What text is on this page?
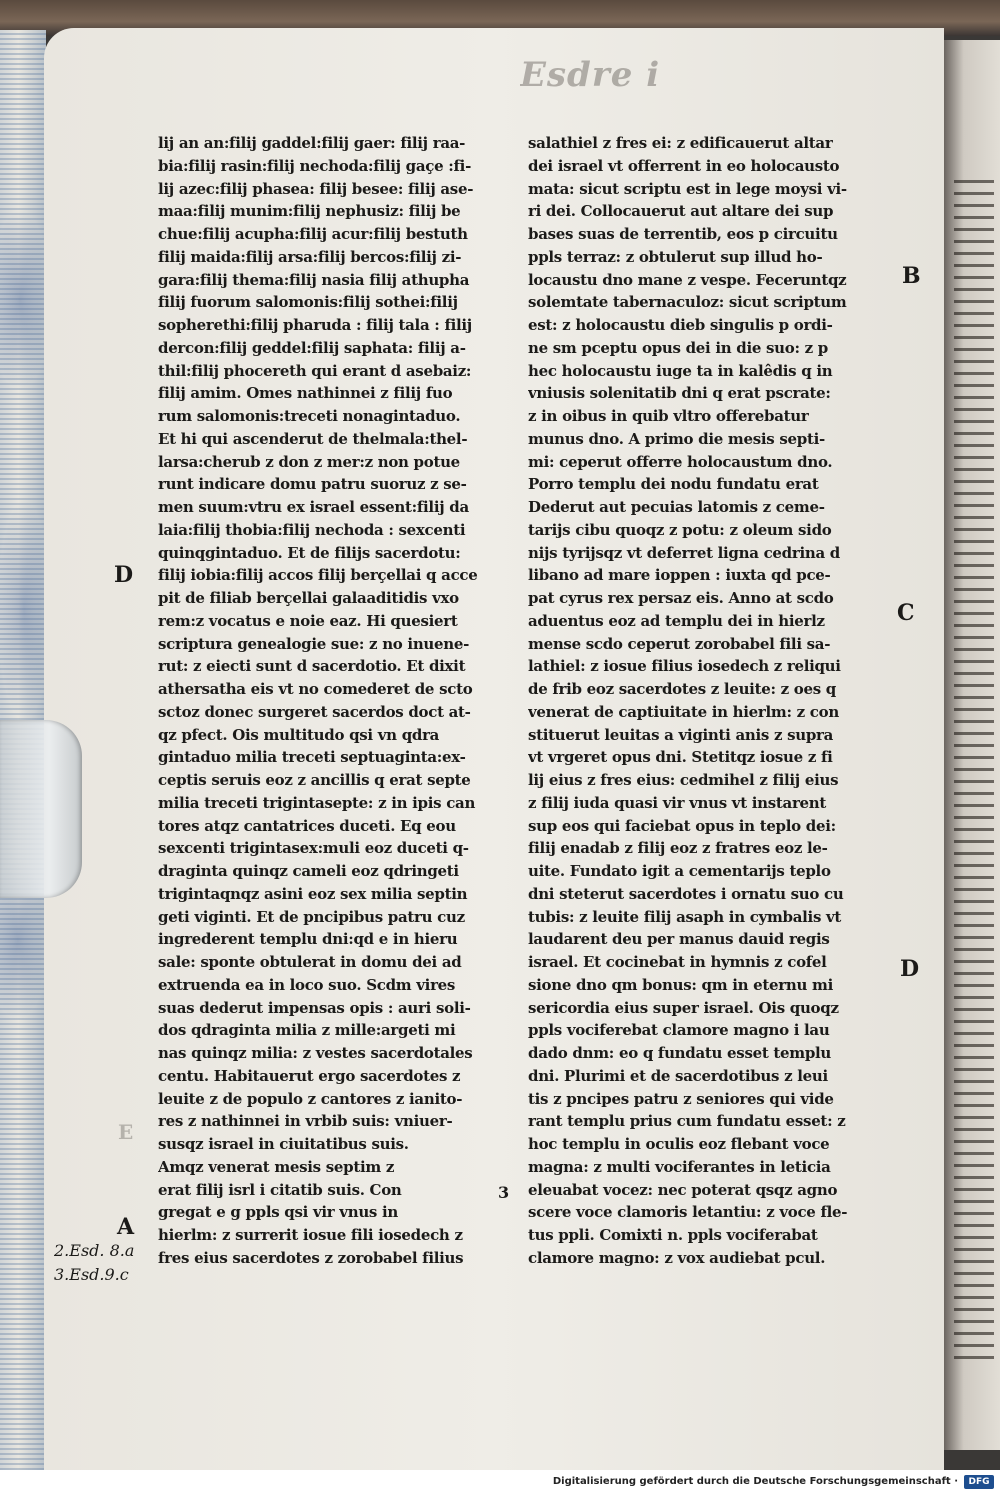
Esdre i
lij an an:filij gaddel:filij gaer: filij raa-
bia:filij rasin:filij nechoda:filij gaçe :fi-
lij azec:filij phasea: filij besee: filij ase-
maa:filij munim:filij nephusiz: filij be
chue:filij acupha:filij acur:filij bestuth
filij maida:filij arsa:filij bercos:filij zi-
gara:filij thema:filij nasia filij athupha
filij fuorum salomonis:filij sothei:filij
sopherethi:filij pharuda : filij tala : filij
dercon:filij geddel:filij saphata: filij a-
thil:filij phocereth qui erant d asebaiz:
filij amim. Omes nathinnei z filij fuo
rum salomonis:treceti nonagintaduo.
Et hi qui ascenderut de thelmala:thel-
larsa:cherub z don z mer:z non potue
runt indicare domu patru suoruz z se-
men suum:vtru ex israel essent:filij da
laia:filij thobia:filij nechoda : sexcenti
quinqgintaduo. Et de filijs sacerdotu:
filij iobia:filij accos filij berçellai q acce
pit de filiab berçellai galaaditidis vxo
rem:z vocatus e noie eaz. Hi quesiert
scriptura genealogie sue: z no inuene-
rut: z eiecti sunt d sacerdotio. Et dixit
athersatha eis vt no comederet de scto
sctoz donec surgeret sacerdos doct at-
qz pfect. Ois multitudo qsi vn qdra
gintaduo milia treceti septuaginta:ex-
ceptis seruis eoz z ancillis q erat septe
milia treceti trigintasepte: z in ipis can
tores atqz cantatrices duceti. Eq eou
sexcenti trigintasex:muli eoz duceti q-
draginta quinqz cameli eoz qdringeti
trigintaqnqz asini eoz sex milia septin
geti viginti. Et de pncipibus patru cuz
ingrederent templu dni:qd e in hieru
sale: sponte obtulerat in domu dei ad
extruenda ea in loco suo. Scdm vires
suas dederut impensas opis : auri soli-
dos qdraginta milia z mille:argeti mi
nas quinqz milia: z vestes sacerdotales
centu. Habitauerut ergo sacerdotes z
leuite z de populo z cantores z ianito-
res z nathinnei in vrbib suis: vniuer-
susqz israel in ciuitatibus suis.
Amqz venerat mesis septim z
erat filij isrl i citatib suis. Con
gregat e g ppls qsi vir vnus in
hierlm: z surrerit iosue fili iosedech z
fres eius sacerdotes z zorobabel filius
salathiel z fres ei: z edificauerut altar
dei israel vt offerrent in eo holocausto
mata: sicut scriptu est in lege moysi vi-
ri dei. Collocauerut aut altare dei sup
bases suas de terrentib, eos p circuitu
ppls terraz: z obtulerut sup illud ho-
locaustu dno mane z vespe. Feceruntqz
solemtate tabernaculoz: sicut scriptum
est: z holocaustu dieb singulis p ordi-
ne sm pceptu opus dei in die suo: z p
hec holocaustu iuge ta in kalêdis q in
vniusis solenitatib dni q erat pscrate:
z in oibus in quib vltro offerebatur
munus dno. A primo die mesis septi-
mi: ceperut offerre holocaustum dno.
Porro templu dei nodu fundatu erat
Dederut aut pecuias latomis z ceme-
tarijs cibu quoqz z potu: z oleum sido
nijs tyrijsqz vt deferret ligna cedrina d
libano ad mare ioppen : iuxta qd pce-
pat cyrus rex persaz eis. Anno at scdo
aduentus eoz ad templu dei in hierlz
mense scdo ceperut zorobabel fili sa-
lathiel: z iosue filius iosedech z reliqui
de frib eoz sacerdotes z leuite: z oes q
venerat de captiuitate in hierlm: z con
stituerut leuitas a viginti anis z supra
vt vrgeret opus dni. Stetitqz iosue z fi
lij eius z fres eius: cedmihel z filij eius
z filij iuda quasi vir vnus vt instarent
sup eos qui faciebat opus in teplo dei:
filij enadab z filij eoz z fratres eoz le-
uite. Fundato igit a cementarijs teplo
dni steterut sacerdotes i ornatu suo cu
tubis: z leuite filij asaph in cymbalis vt
laudarent deu per manus dauid regis
israel. Et cocinebat in hymnis z cofel
sione dno qm bonus: qm in eternu mi
sericordia eius super israel. Ois quoqz
ppls vociferebat clamore magno i lau
dado dnm: eo q fundatu esset templu
dni. Plurimi et de sacerdotibus z leui
tis z pncipes patru z seniores qui vide
rant templu prius cum fundatu esset: z
hoc templu in oculis eoz flebant voce
magna: z multi vociferantes in leticia
eleuabat vocez: nec poterat qsqz agno
scere voce clamoris letantiu: z voce fle-
tus ppli. Comixti n. ppls vociferabat
clamore magno: z vox audiebat pcul.
D
E
A
2.Esd. 8.a
3.Esd.9.c
B
C
D
3
Digitalisierung gefördert durch die Deutsche Forschungsgemeinschaft ·	DFG
